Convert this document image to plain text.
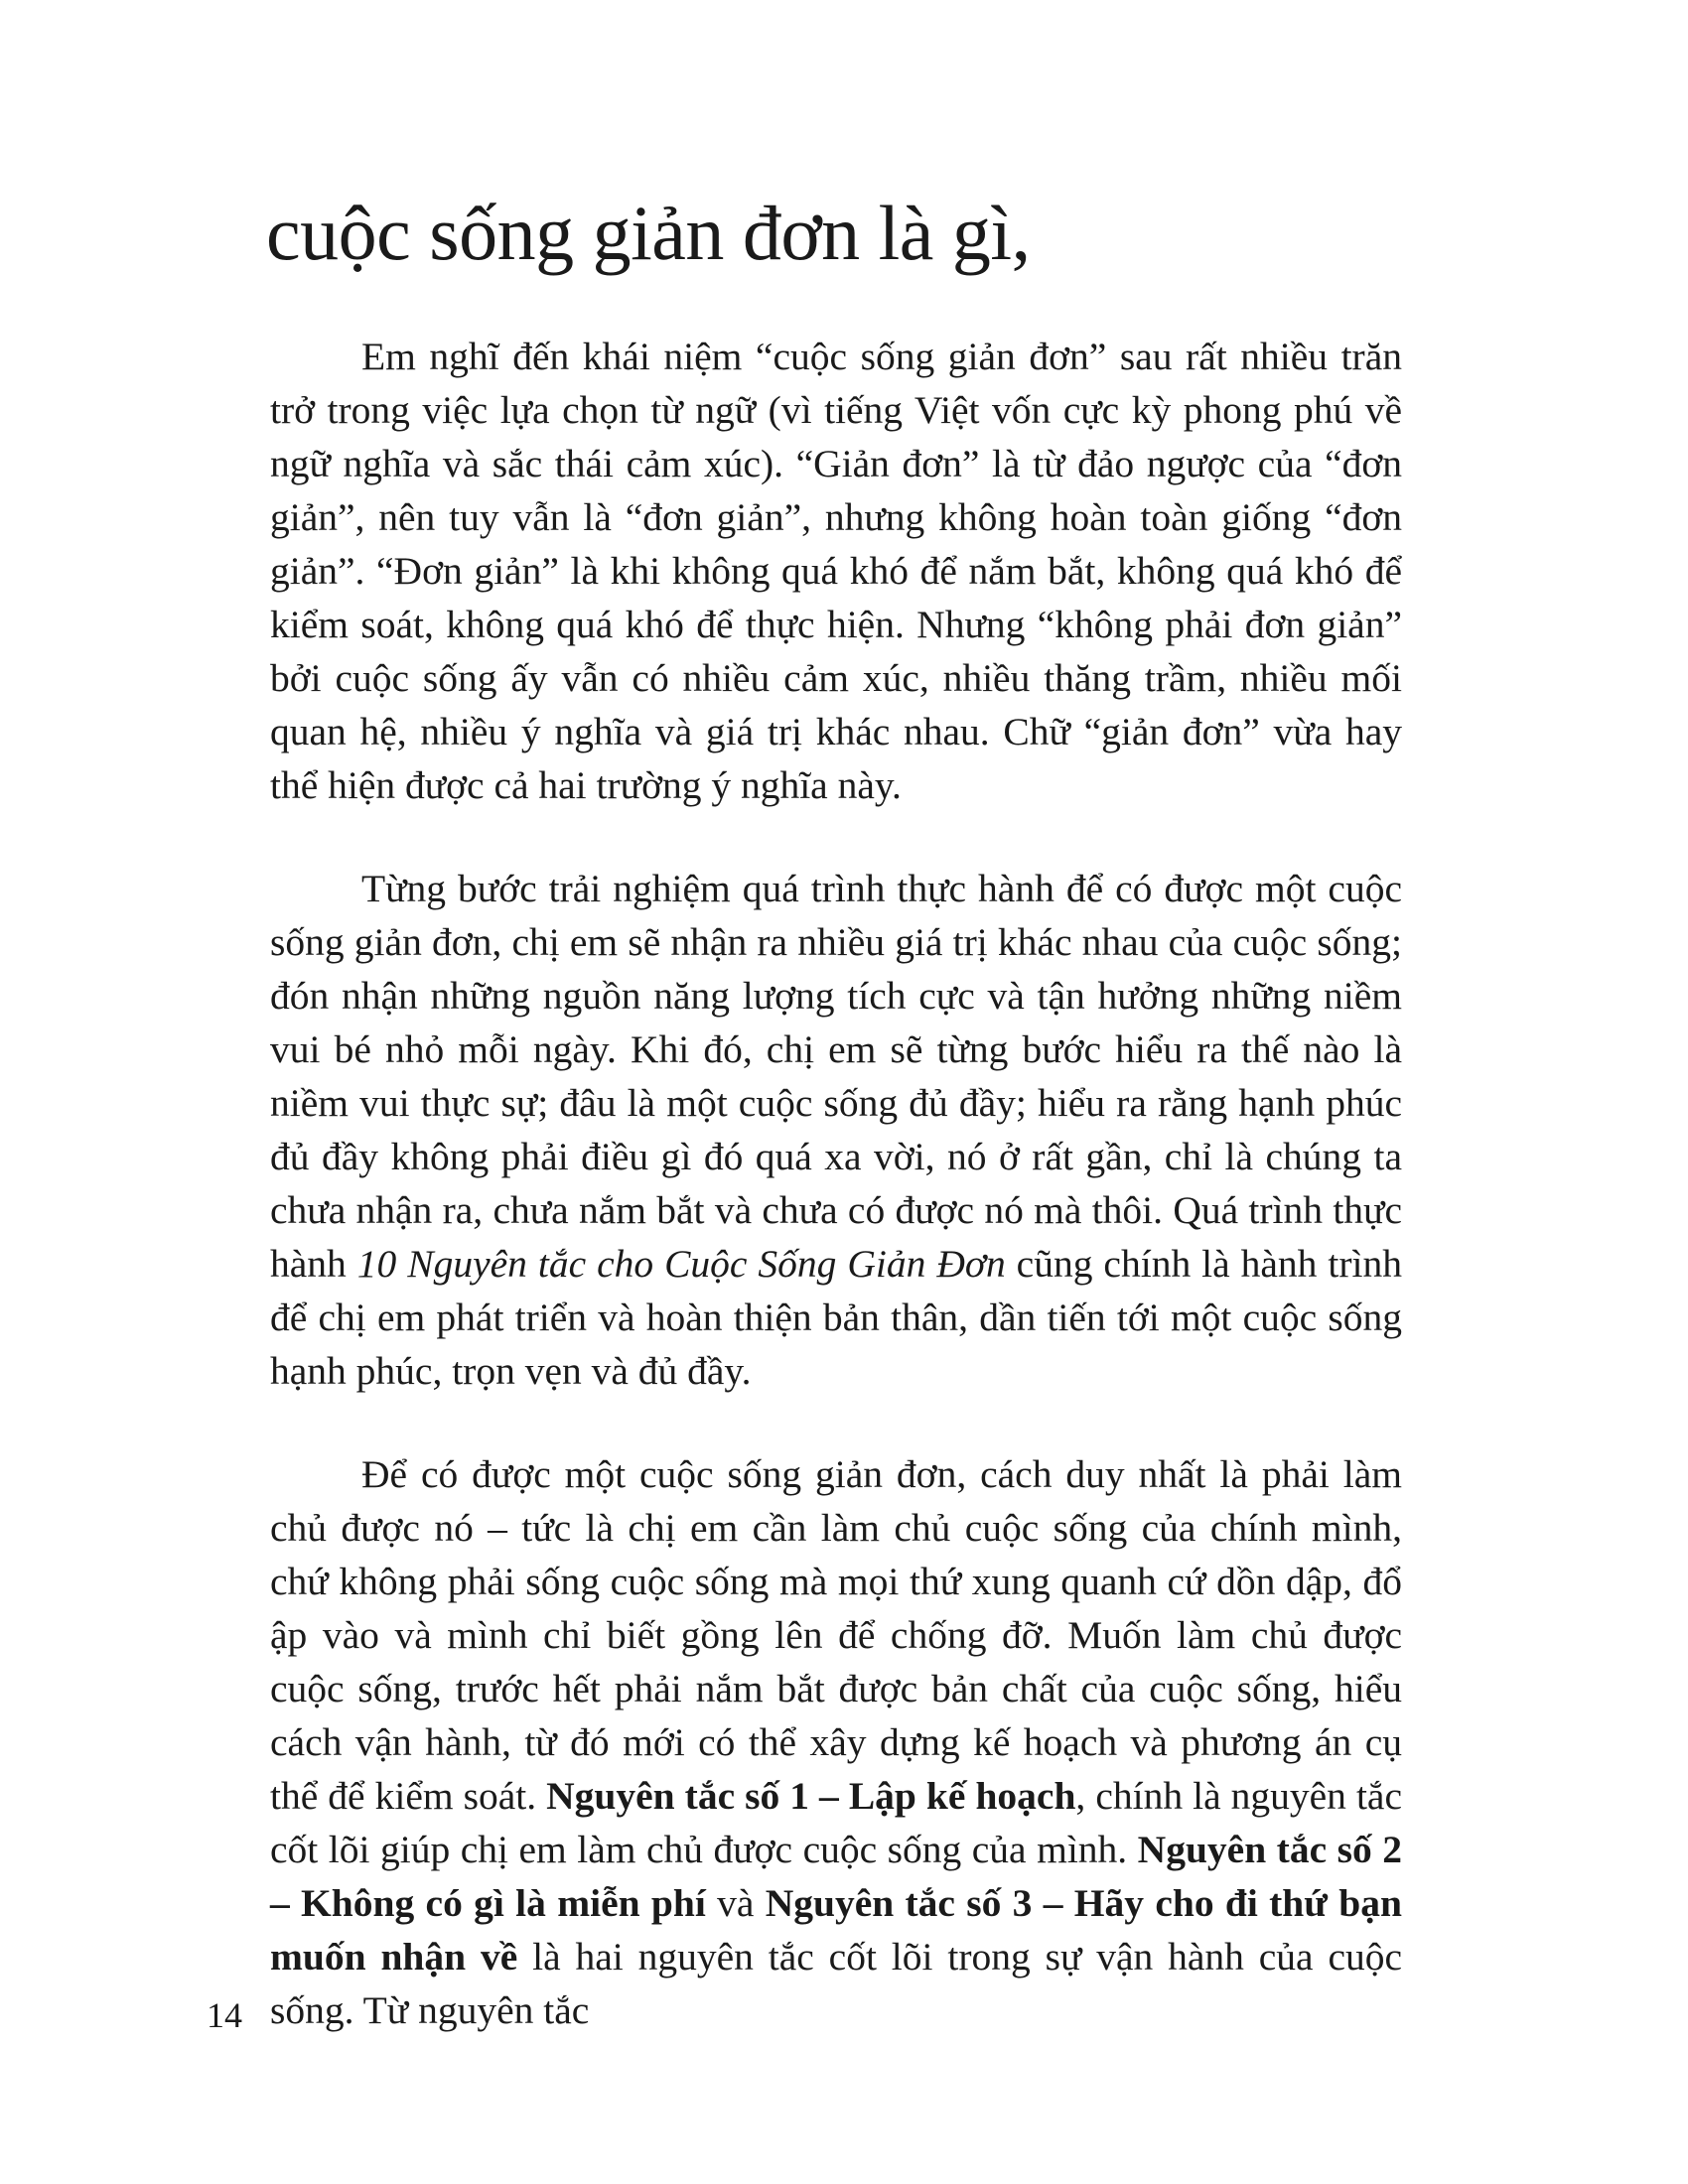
cuộc sống giản đơn là gì,

Em nghĩ đến khái niệm “cuộc sống giản đơn” sau rất nhiều trăn trở trong việc lựa chọn từ ngữ (vì tiếng Việt vốn cực kỳ phong phú về ngữ nghĩa và sắc thái cảm xúc). “Giản đơn” là từ đảo ngược của “đơn giản”, nên tuy vẫn là “đơn giản”, nhưng không hoàn toàn giống “đơn giản”. “Đơn giản” là khi không quá khó để nắm bắt, không quá khó để kiểm soát, không quá khó để thực hiện. Nhưng “không phải đơn giản” bởi cuộc sống ấy vẫn có nhiều cảm xúc, nhiều thăng trầm, nhiều mối quan hệ, nhiều ý nghĩa và giá trị khác nhau. Chữ “giản đơn” vừa hay thể hiện được cả hai trường ý nghĩa này.

Từng bước trải nghiệm quá trình thực hành để có được một cuộc sống giản đơn, chị em sẽ nhận ra nhiều giá trị khác nhau của cuộc sống; đón nhận những nguồn năng lượng tích cực và tận hưởng những niềm vui bé nhỏ mỗi ngày. Khi đó, chị em sẽ từng bước hiểu ra thế nào là niềm vui thực sự; đâu là một cuộc sống đủ đầy; hiểu ra rằng hạnh phúc đủ đầy không phải điều gì đó quá xa vời, nó ở rất gần, chỉ là chúng ta chưa nhận ra, chưa nắm bắt và chưa có được nó mà thôi. Quá trình thực hành 10 Nguyên tắc cho Cuộc Sống Giản Đơn cũng chính là hành trình để chị em phát triển và hoàn thiện bản thân, dần tiến tới một cuộc sống hạnh phúc, trọn vẹn và đủ đầy.

Để có được một cuộc sống giản đơn, cách duy nhất là phải làm chủ được nó – tức là chị em cần làm chủ cuộc sống của chính mình, chứ không phải sống cuộc sống mà mọi thứ xung quanh cứ dồn dập, đổ ập vào và mình chỉ biết gồng lên để chống đỡ. Muốn làm chủ được cuộc sống, trước hết phải nắm bắt được bản chất của cuộc sống, hiểu cách vận hành, từ đó mới có thể xây dựng kế hoạch và phương án cụ thể để kiểm soát. Nguyên tắc số 1 – Lập kế hoạch, chính là nguyên tắc cốt lõi giúp chị em làm chủ được cuộc sống của mình. Nguyên tắc số 2 – Không có gì là miễn phí và Nguyên tắc số 3 – Hãy cho đi thứ bạn muốn nhận về là hai nguyên tắc cốt lõi trong sự vận hành của cuộc sống. Từ nguyên tắc

14
